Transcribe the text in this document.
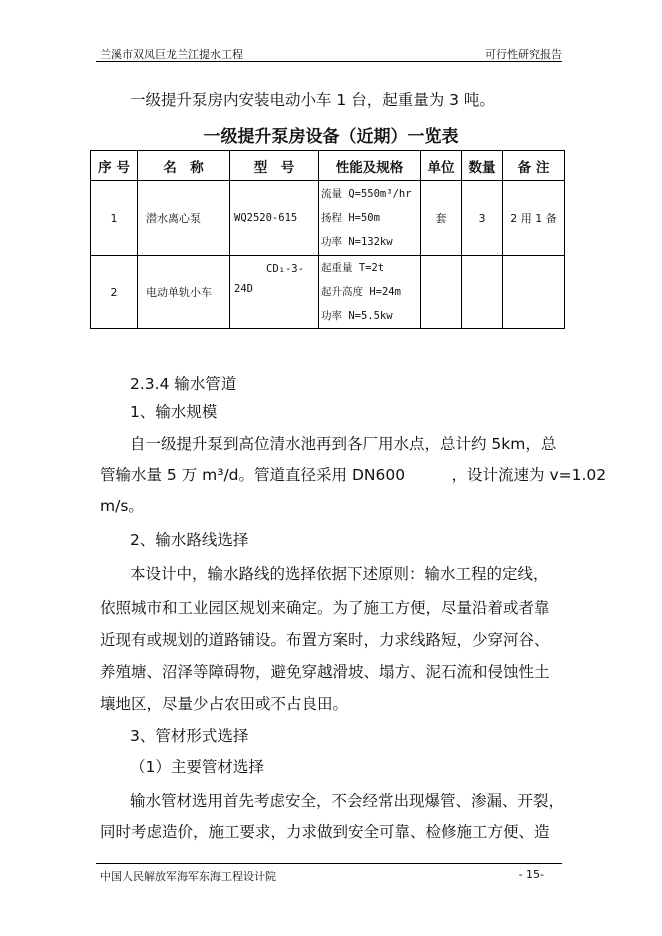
兰溪市双凤巨龙兰江提水工程	可行性研究报告
一级提升泵房内安装电动小车 1 台，起重量为 3 吨。
一级提升泵房设备（近期）一览表
序 号	名　称	型　号	性能及规格	单位	数量	备 注
1	潜水离心泵	WQ2520-615	流量 Q=550m³/hr
扬程 H=50m
功率 N=132kw	套	3	2 用 1 备
2	电动单轨小车	CD₁-3-
24D	起重量 T=2t
起升高度 H=24m
功率 N=5.5kw			

2.3.4 输水管道
1、输水规模
自一级提升泵到高位清水池再到各厂用水点，总计约 5km，总
管输水量 5 万 m³/d。管道直径采用 DN600　　　，设计流速为 v=1.02
m/s。
2、输水路线选择
本设计中，输水路线的选择依据下述原则：输水工程的定线，
依照城市和工业园区规划来确定。为了施工方便，尽量沿着或者靠
近现有或规划的道路铺设。布置方案时，力求线路短，少穿河谷、
养殖塘、沼泽等障碍物，避免穿越滑坡、塌方、泥石流和侵蚀性土
壤地区，尽量少占农田或不占良田。
3、管材形式选择
（1）主要管材选择
输水管材选用首先考虑安全，不会经常出现爆管、渗漏、开裂，
同时考虑造价，施工要求，力求做到安全可靠、检修施工方便、造
中国人民解放军海军东海工程设计院	- 15-
